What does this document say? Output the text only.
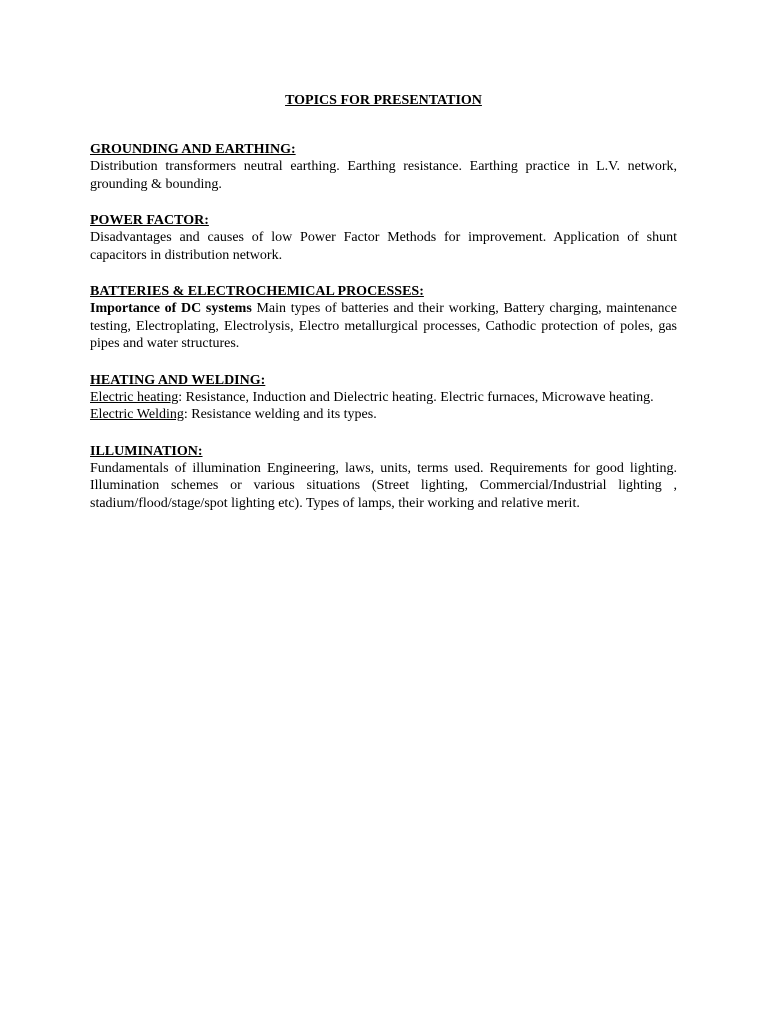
TOPICS FOR PRESENTATION
GROUNDING AND EARTHING:

Distribution transformers neutral earthing. Earthing resistance. Earthing practice in L.V. network, grounding & bounding.

POWER FACTOR:

Disadvantages and causes of low Power Factor Methods for improvement. Application of shunt capacitors in distribution network.

BATTERIES & ELECTROCHEMICAL PROCESSES:

Importance of DC systems Main types of batteries and their working, Battery charging, maintenance testing, Electroplating, Electrolysis, Electro metallurgical processes, Cathodic protection of poles, gas pipes and water structures.

HEATING AND WELDING:

Electric heating: Resistance, Induction and Dielectric heating. Electric furnaces, Microwave heating.

Electric Welding: Resistance welding and its types.

ILLUMINATION:

Fundamentals of illumination Engineering, laws, units, terms used. Requirements for good lighting. Illumination schemes or various situations (Street lighting, Commercial/Industrial lighting , stadium/flood/stage/spot lighting etc). Types of lamps, their working and relative merit.
